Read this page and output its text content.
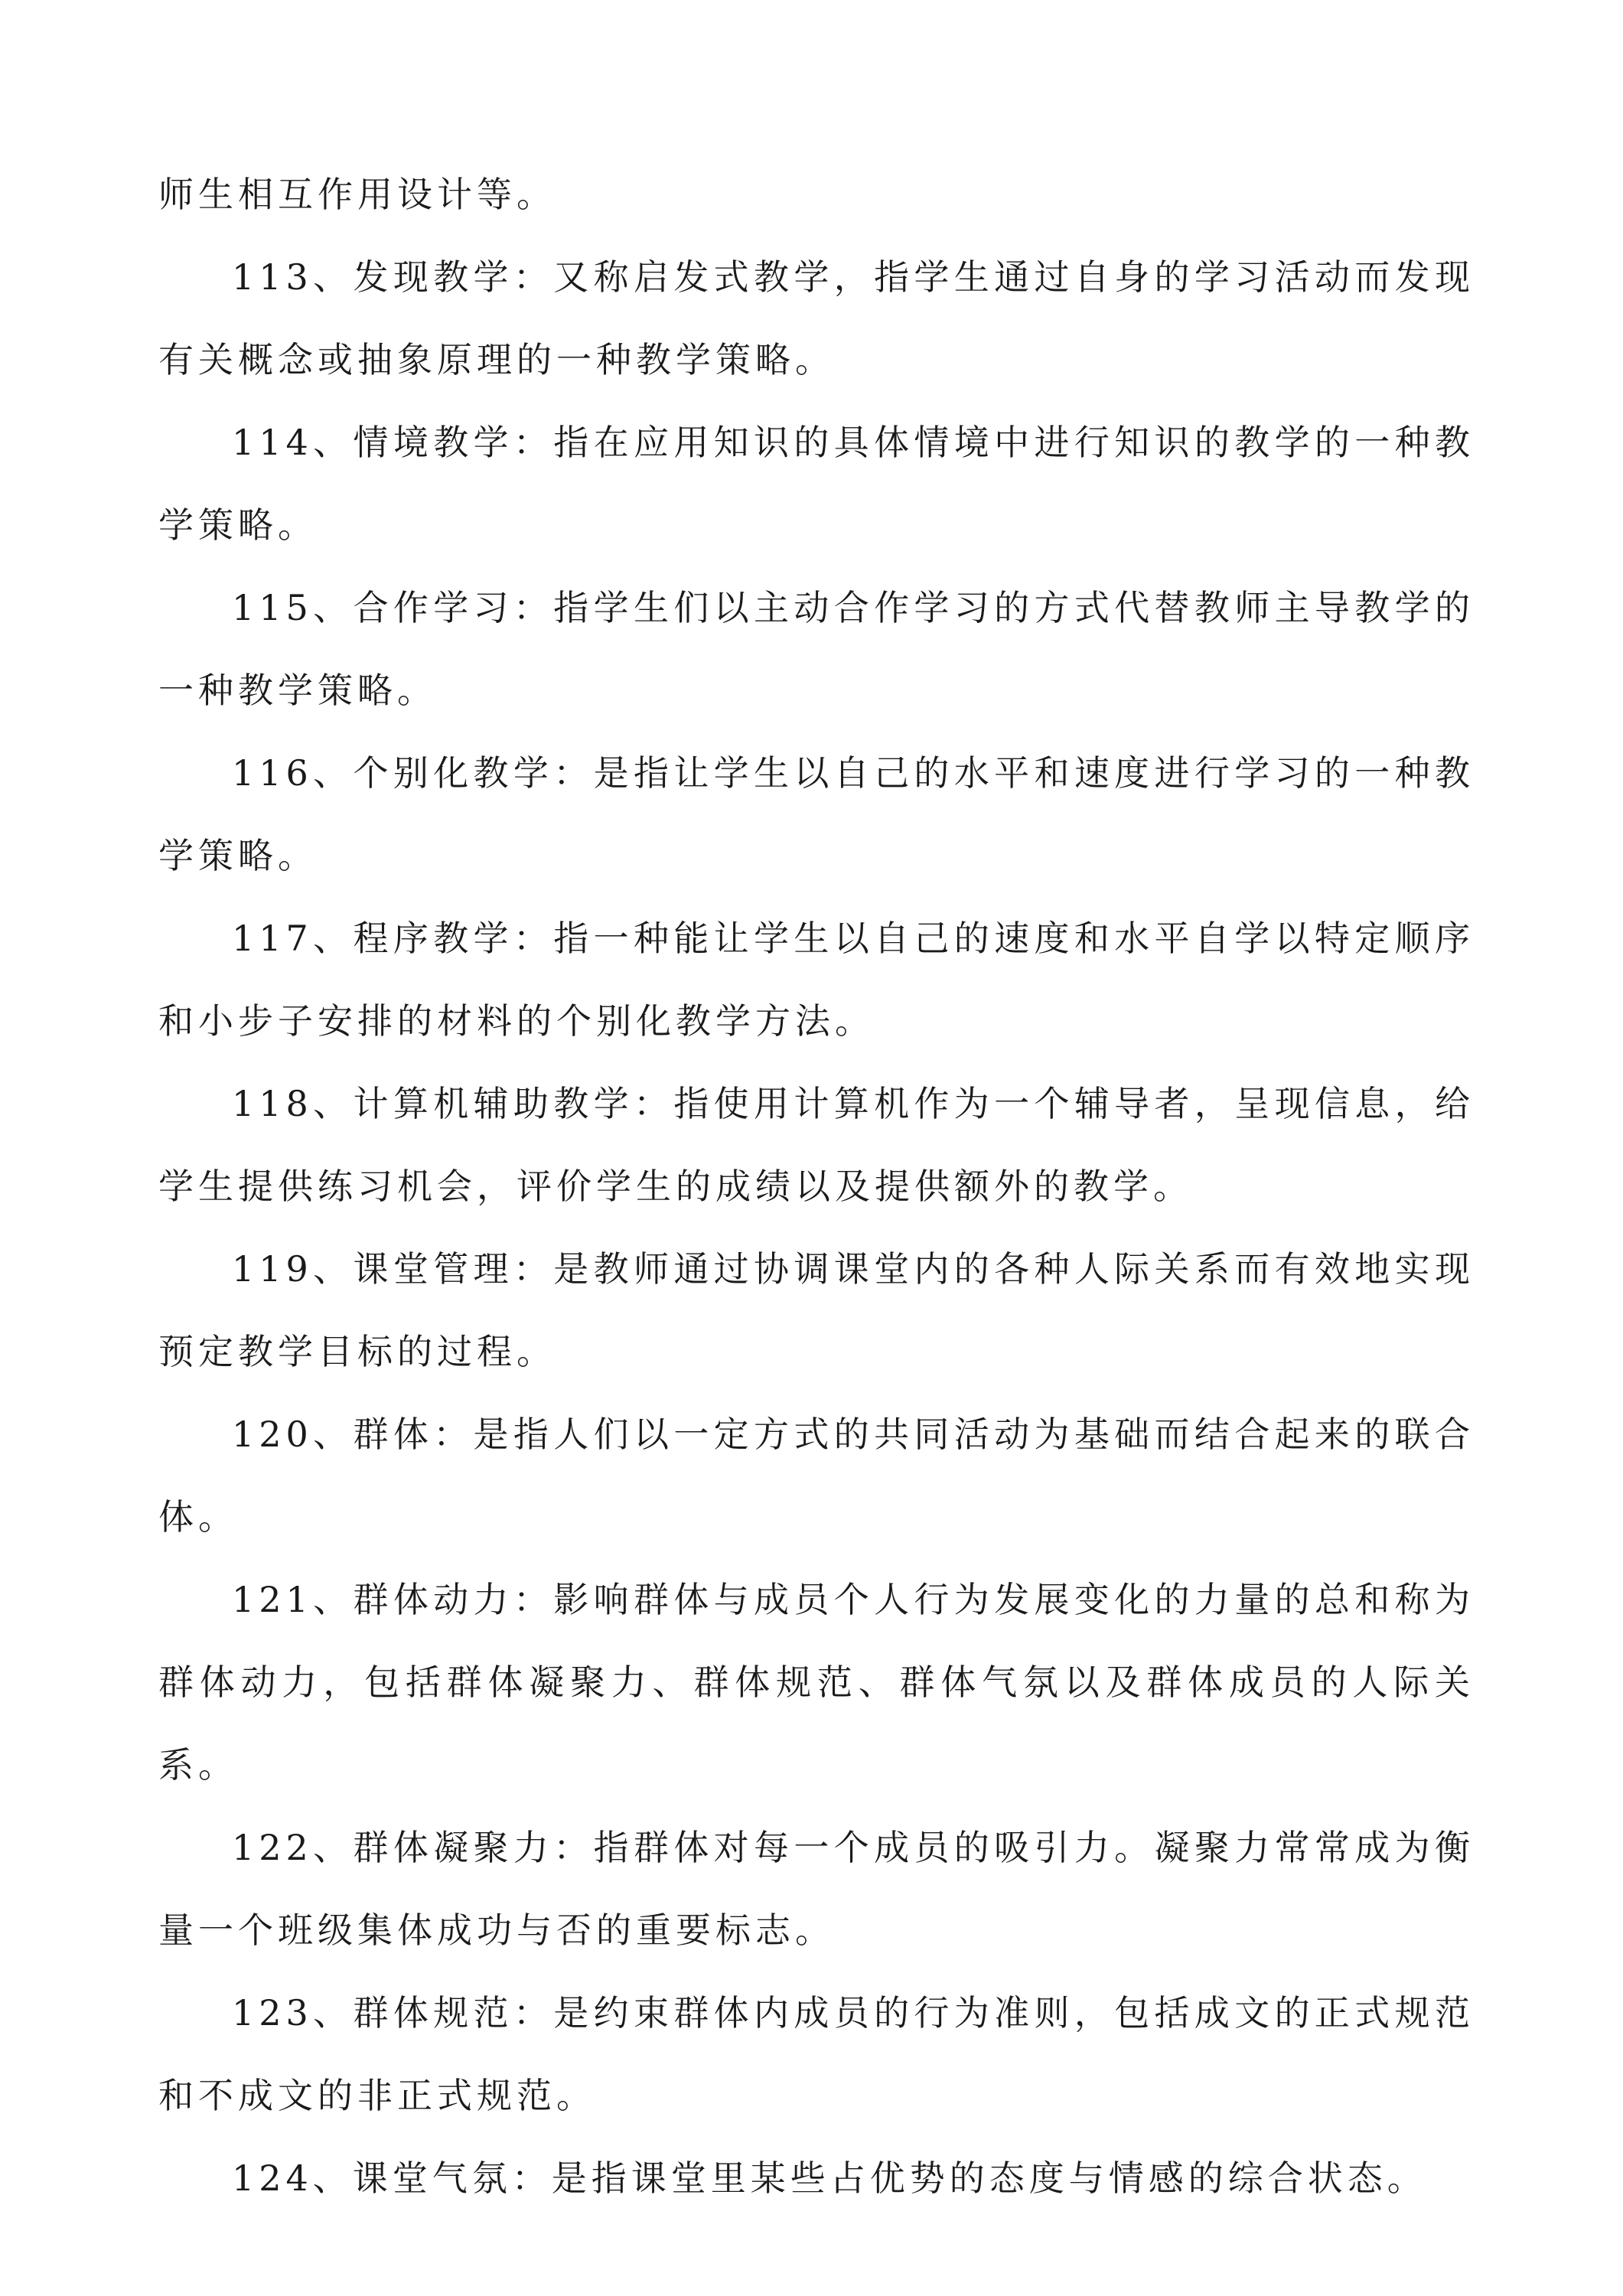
师生相互作用设计等。

113、发现教学：又称启发式教学，指学生通过自身的学习活动而发现有关概念或抽象原理的一种教学策略。

114、情境教学：指在应用知识的具体情境中进行知识的教学的一种教学策略。

115、合作学习：指学生们以主动合作学习的方式代替教师主导教学的一种教学策略。

116、个别化教学：是指让学生以自己的水平和速度进行学习的一种教学策略。

117、程序教学：指一种能让学生以自己的速度和水平自学以特定顺序和小步子安排的材料的个别化教学方法。

118、计算机辅助教学：指使用计算机作为一个辅导者，呈现信息，给学生提供练习机会，评价学生的成绩以及提供额外的教学。

119、课堂管理：是教师通过协调课堂内的各种人际关系而有效地实现预定教学目标的过程。

120、群体：是指人们以一定方式的共同活动为基础而结合起来的联合体。

121、群体动力：影响群体与成员个人行为发展变化的力量的总和称为群体动力，包括群体凝聚力、群体规范、群体气氛以及群体成员的人际关系。

122、群体凝聚力：指群体对每一个成员的吸引力。凝聚力常常成为衡量一个班级集体成功与否的重要标志。

123、群体规范：是约束群体内成员的行为准则，包括成文的正式规范和不成文的非正式规范。

124、课堂气氛：是指课堂里某些占优势的态度与情感的综合状态。
